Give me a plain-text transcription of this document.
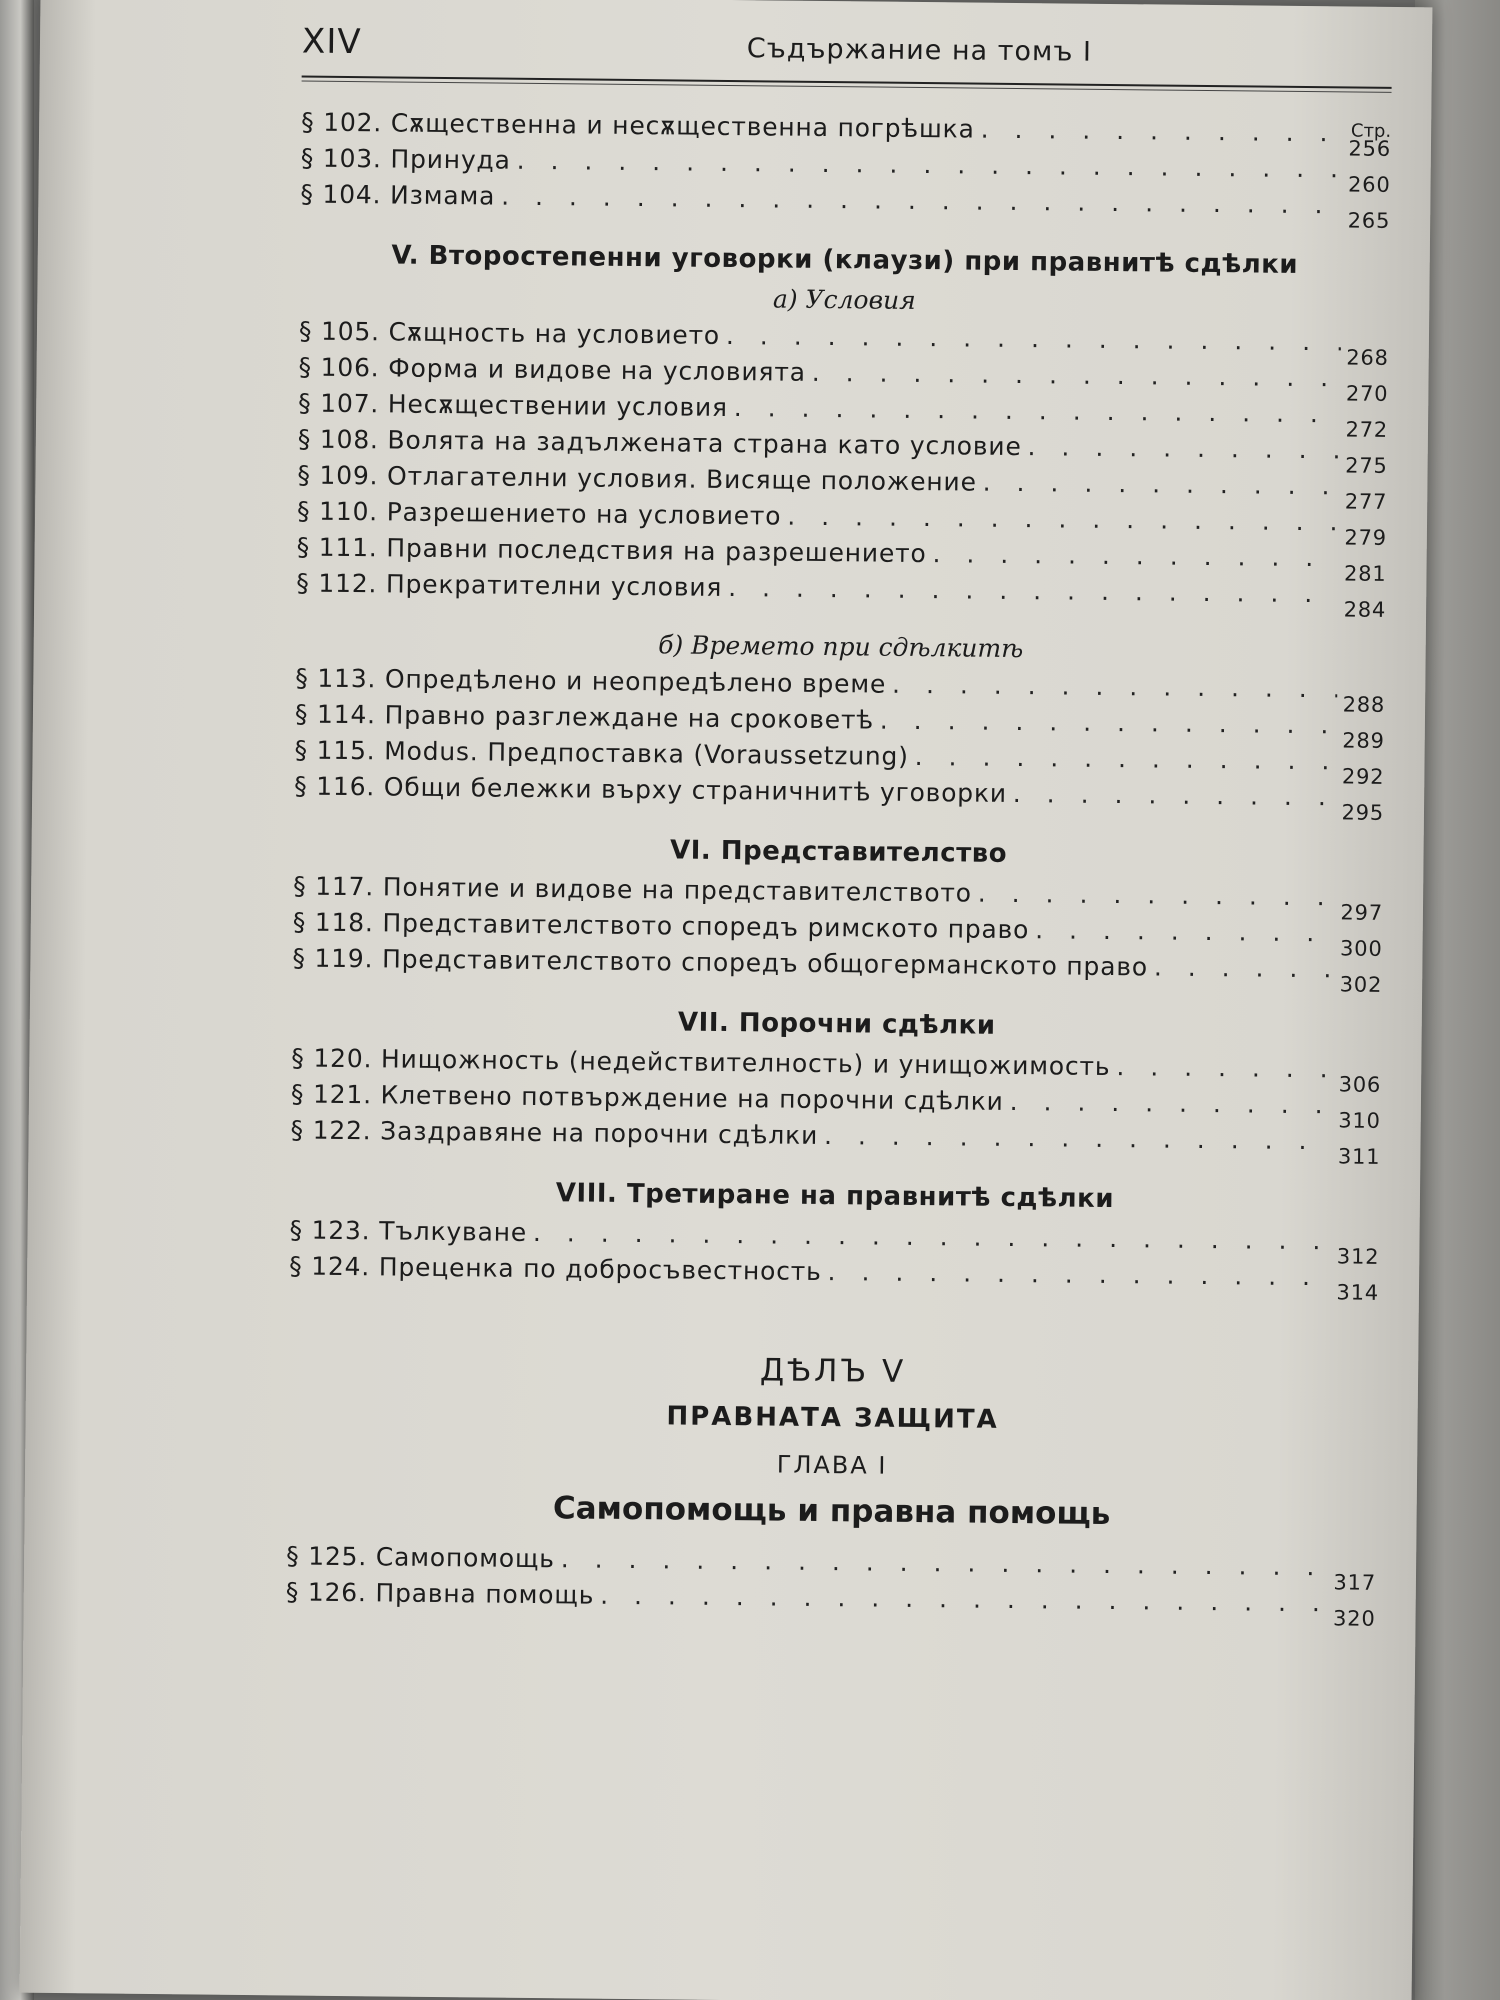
XIV	Съдържание на томъ I
Стр.
§ 102. Сѫщественна и несѫщественна погрѣшка
. . .
256
§ 103. Принуда
. . .
260
§ 104. Измама
. . .
265
V. Второстепенни уговорки (клаузи) при правнитѣ сдѣлки
а) Условия
§ 105. Сѫщность на условието
. . .
268
§ 106. Форма и видове на условията
. . .
270
§ 107. Несѫществении условия
. . .
272
§ 108. Волята на задължената страна като условие
. . .
275
§ 109. Отлагателни условия. Висяще положение
. . .
277
§ 110. Разрешението на условието
. . .
279
§ 111. Правни последствия на разрешението
. . .
281
§ 112. Прекратителни условия
. . .
284
б) Времето при сдѣлкитѣ
§ 113. Опредѣлено и неопредѣлено време
. . .
288
§ 114. Правно разглеждане на сроковетѣ
. . .
289
§ 115. Modus. Предпоставка (Voraussetzung)
. . .
292
§ 116. Общи бележки върху страничнитѣ уговорки
. . .
295
VI. Представителство
§ 117. Понятие и видове на представителството
. . .
297
§ 118. Представителството споредъ римското право
. . .
300
§ 119. Представителството споредъ общогерманското право
. . .
302
VII. Порочни сдѣлки
§ 120. Нищожность (недействителность) и унищожимость
. . .
306
§ 121. Клетвено потвърждение на порочни сдѣлки
. . .
310
§ 122. Заздравяне на порочни сдѣлки
. . .
311
VIII. Третиране на правнитѣ сдѣлки
§ 123. Тълкуване
. . .
312
§ 124. Преценка по добросъвестность
. . .
314
ДѢЛЪ V
ПРАВНАТА ЗАЩИТА
ГЛАВА I
Самопомощь и правна помощь
§ 125. Самопомощь
. . .
317
§ 126. Правна помощь
. . .
320
